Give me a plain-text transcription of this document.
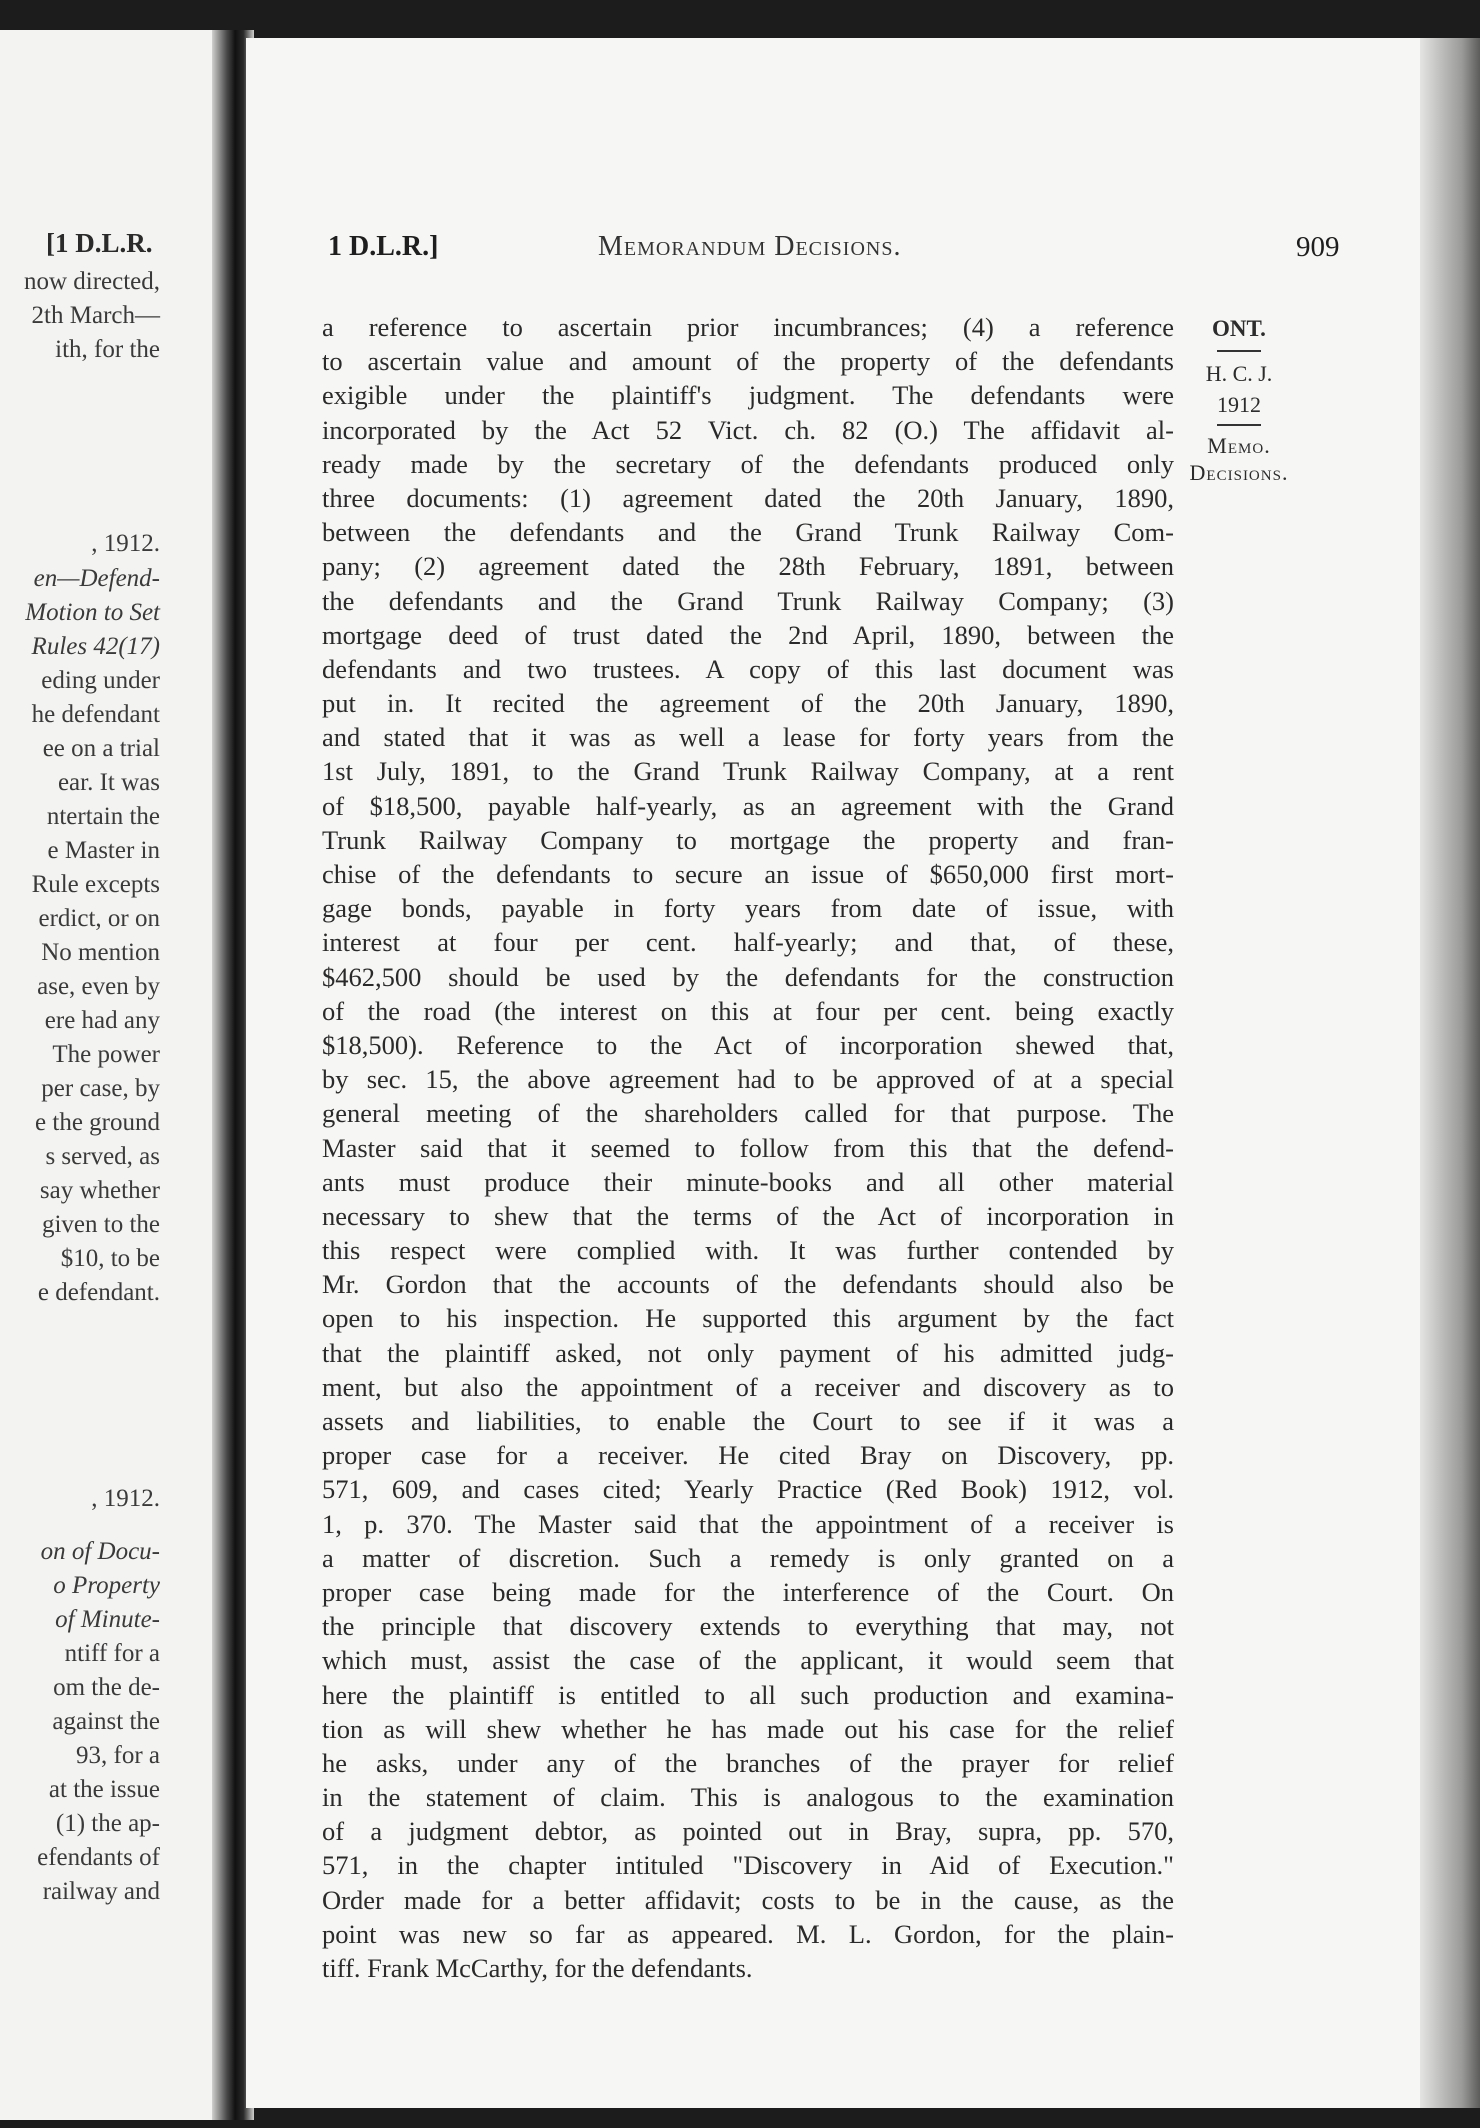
[1 D.L.R.
now directed,
2th March—
ith, for the
, 1912.
en—Defend-
Motion to Set
Rules 42(17)
eding under
he defendant
ee on a trial
ear. It was
ntertain the
e Master in
Rule excepts
erdict, or on
No mention
ase, even by
ere had any
The power
per case, by
e the ground
s served, as
say whether
given to the
$10, to be
e defendant.
, 1912.
on of Docu-
o Property
of Minute-
ntiff for a
om the de-
against the
93, for a
at the issue
(1) the ap-
efendants of
railway and
1 D.L.R.]	Memorandum Decisions.	909
a reference to ascertain prior incumbrances; (4) a reference
to ascertain value and amount of the property of the defendants
exigible under the plaintiff's judgment. The defendants were
incorporated by the Act 52 Vict. ch. 82 (O.) The affidavit al-
ready made by the secretary of the defendants produced only
three documents: (1) agreement dated the 20th January, 1890,
between the defendants and the Grand Trunk Railway Com-
pany; (2) agreement dated the 28th February, 1891, between
the defendants and the Grand Trunk Railway Company; (3)
mortgage deed of trust dated the 2nd April, 1890, between the
defendants and two trustees. A copy of this last document was
put in. It recited the agreement of the 20th January, 1890,
and stated that it was as well a lease for forty years from the
1st July, 1891, to the Grand Trunk Railway Company, at a rent
of $18,500, payable half-yearly, as an agreement with the Grand
Trunk Railway Company to mortgage the property and fran-
chise of the defendants to secure an issue of $650,000 first mort-
gage bonds, payable in forty years from date of issue, with
interest at four per cent. half-yearly; and that, of these,
$462,500 should be used by the defendants for the construction
of the road (the interest on this at four per cent. being exactly
$18,500). Reference to the Act of incorporation shewed that,
by sec. 15, the above agreement had to be approved of at a special
general meeting of the shareholders called for that purpose. The
Master said that it seemed to follow from this that the defend-
ants must produce their minute-books and all other material
necessary to shew that the terms of the Act of incorporation in
this respect were complied with. It was further contended by
Mr. Gordon that the accounts of the defendants should also be
open to his inspection. He supported this argument by the fact
that the plaintiff asked, not only payment of his admitted judg-
ment, but also the appointment of a receiver and discovery as to
assets and liabilities, to enable the Court to see if it was a
proper case for a receiver. He cited Bray on Discovery, pp.
571, 609, and cases cited; Yearly Practice (Red Book) 1912, vol.
1, p. 370. The Master said that the appointment of a receiver is
a matter of discretion. Such a remedy is only granted on a
proper case being made for the interference of the Court. On
the principle that discovery extends to everything that may, not
which must, assist the case of the applicant, it would seem that
here the plaintiff is entitled to all such production and examina-
tion as will shew whether he has made out his case for the relief
he asks, under any of the branches of the prayer for relief
in the statement of claim. This is analogous to the examination
of a judgment debtor, as pointed out in Bray, supra, pp. 570,
571, in the chapter intituled "Discovery in Aid of Execution."
Order made for a better affidavit; costs to be in the cause, as the
point was new so far as appeared. M. L. Gordon, for the plain-
tiff. Frank McCarthy, for the defendants.
ONT.
H. C. J.
1912
Memo.
Decisions.
